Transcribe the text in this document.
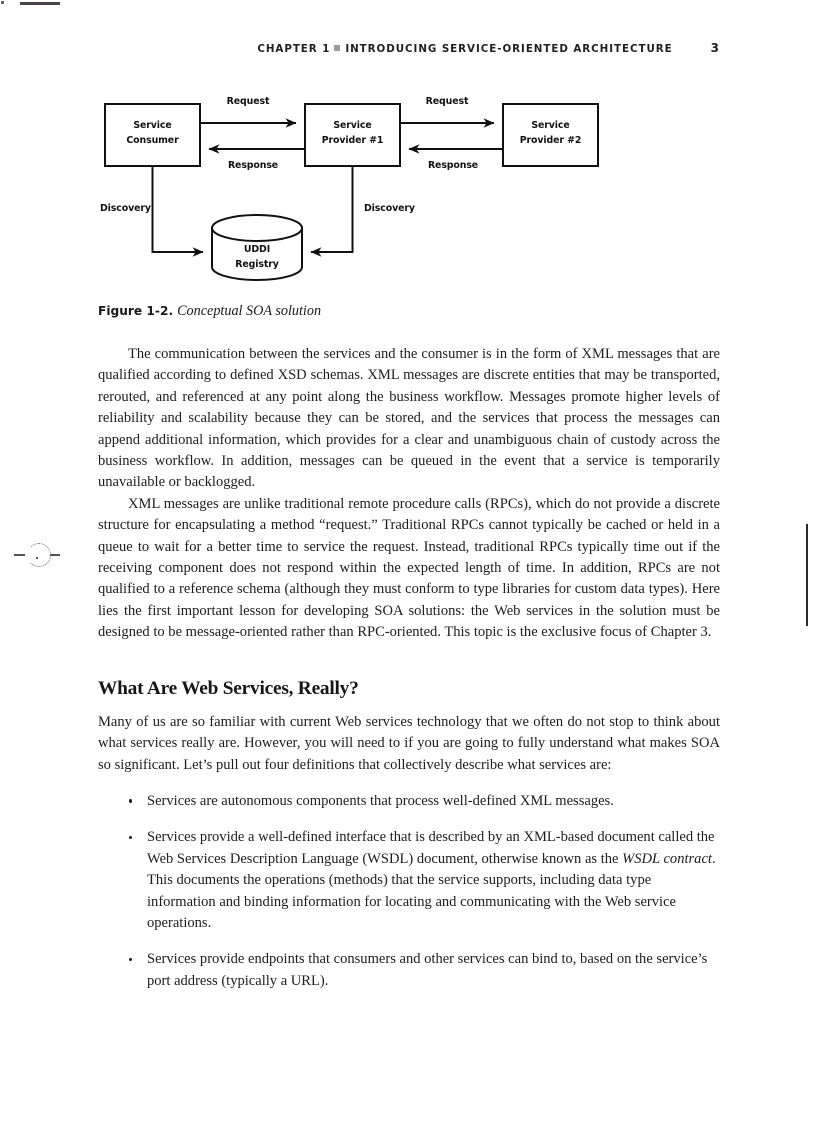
CHAPTER 1 INTRODUCING SERVICE-ORIENTED ARCHITECTURE	3
Service
Consumer
Service
Provider #1
Service
Provider #2
UDDI
Registry
Request
Response
Request
Response
Discovery	Discovery
Figure 1-2. Conceptual SOA solution

The communication between the services and the consumer is in the form of XML messages that are qualified according to defined XSD schemas. XML messages are discrete entities that may be transported, rerouted, and referenced at any point along the business workflow. Messages promote higher levels of reliability and scalability because they can be stored, and the services that process the messages can append additional information, which provides for a clear and unambiguous chain of custody across the business workflow. In addition, messages can be queued in the event that a service is temporarily unavailable or backlogged.

XML messages are unlike traditional remote procedure calls (RPCs), which do not provide a discrete structure for encapsulating a method “request.” Traditional RPCs cannot typically be cached or held in a queue to wait for a better time to service the request. Instead, traditional RPCs typically time out if the receiving component does not respond within the expected length of time. In addition, RPCs are not qualified to a reference schema (although they must conform to type libraries for custom data types). Here lies the first important lesson for developing SOA solutions: the Web services in the solution must be designed to be message-oriented rather than RPC-oriented. This topic is the exclusive focus of Chapter 3.

What Are Web Services, Really?

Many of us are so familiar with current Web services technology that we often do not stop to think about what services really are. However, you will need to if you are going to fully understand what makes SOA so significant. Let’s pull out four definitions that collectively describe what services are:

Services are autonomous components that process well-defined XML messages.
Services provide a well-defined interface that is described by an XML-based document called the Web Services Description Language (WSDL) document, otherwise known as the WSDL contract. This documents the operations (methods) that the service supports, including data type information and binding information for locating and communicating with the Web service operations.
Services provide endpoints that consumers and other services can bind to, based on the service’s port address (typically a URL).
